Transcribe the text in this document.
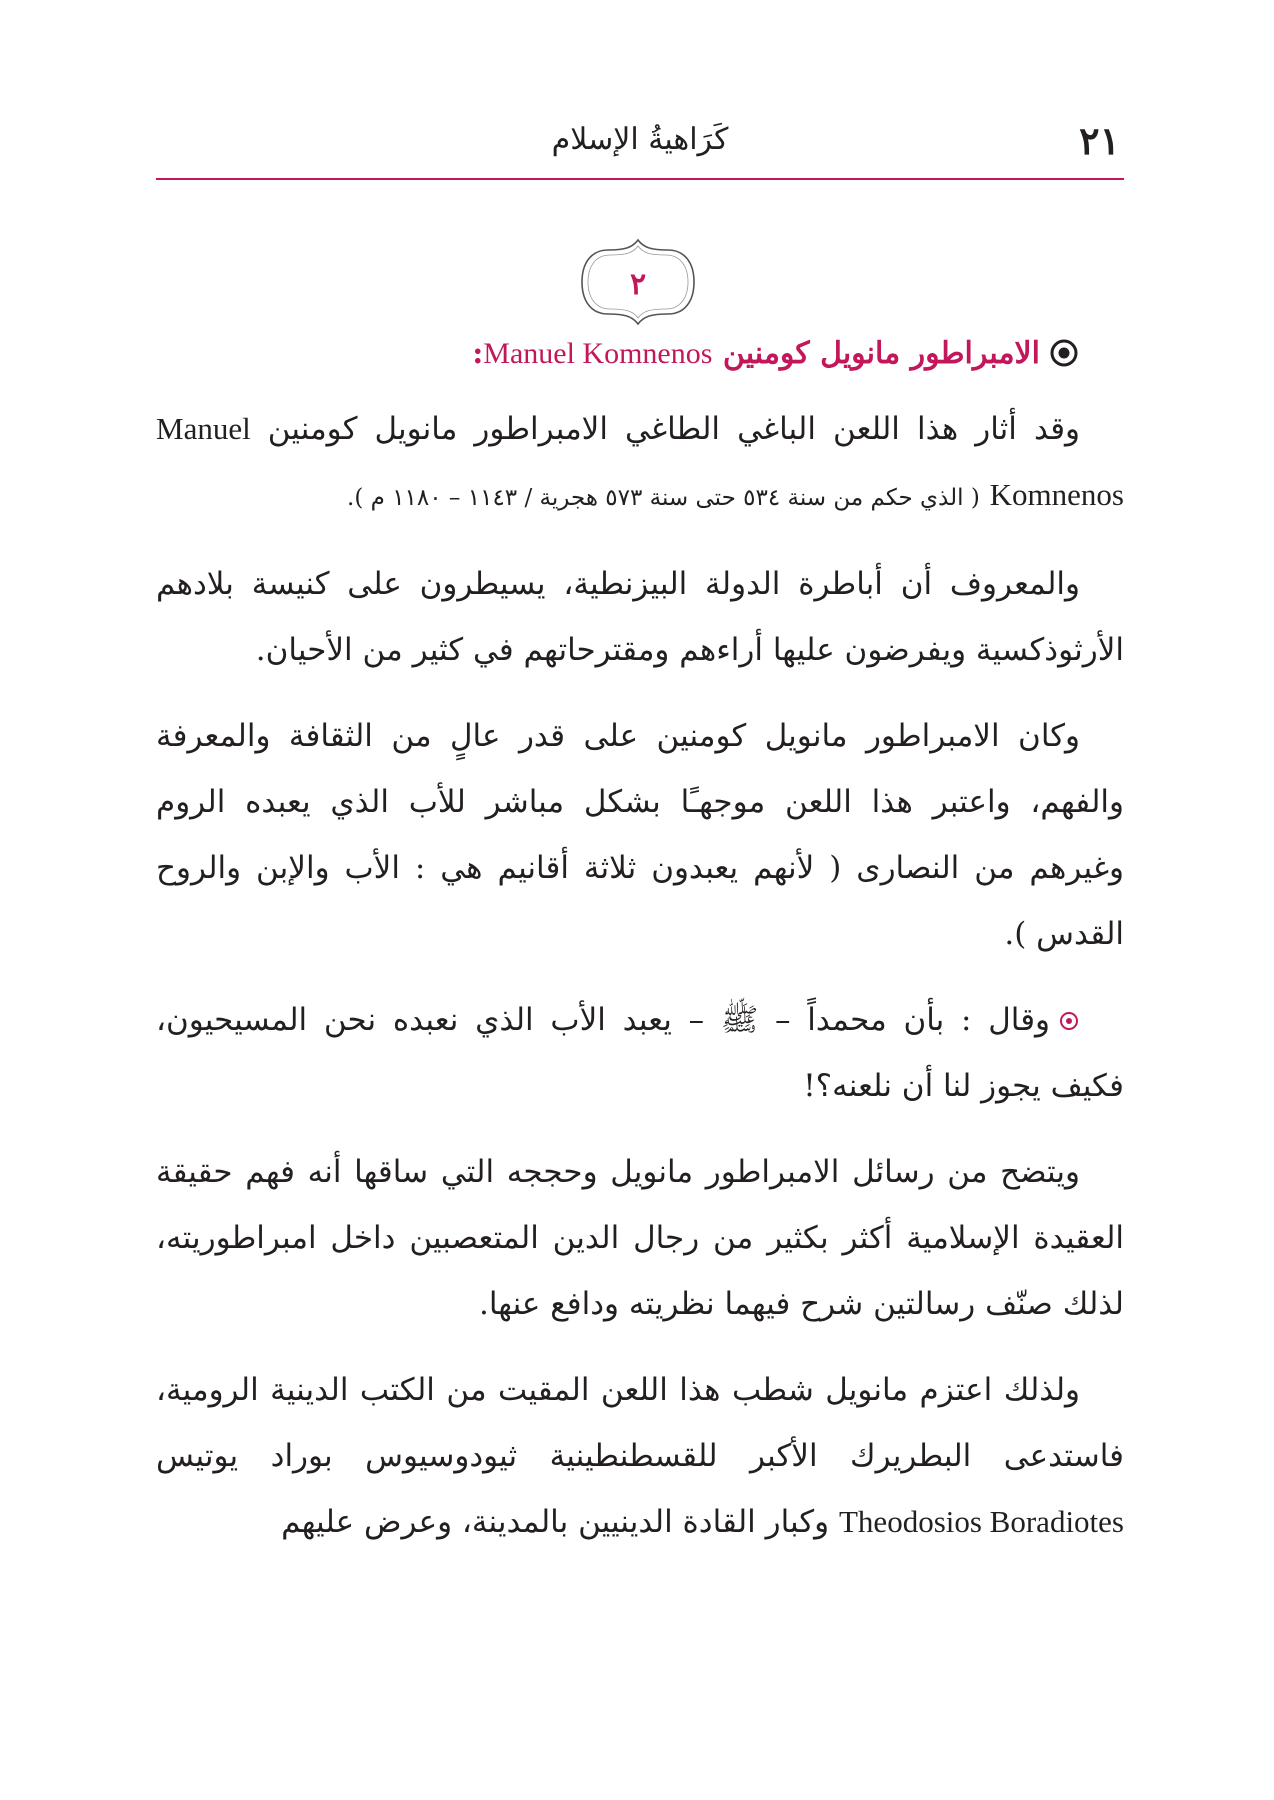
كَرَاهيةُ الإسلام	٢١
٢

الامبراطور مانويل كومنين Manuel Komnenos:

وقد أثار هذا اللعن الباغي الطاغي الامبراطور مانويل كومنين Manuel Komnenos ( الذي حكم من سنة ٥٣٤ حتى سنة ٥٧٣ هجرية / ١١٤٣ – ١١٨٠ م ).

والمعروف أن أباطرة الدولة البيزنطية، يسيطرون على كنيسة بلادهم الأرثوذكسية ويفرضون عليها أراءهم ومقترحاتهم في كثير من الأحيان.

وكان الامبراطور مانويل كومنين على قدر عالٍ من الثقافة والمعرفة والفهم، واعتبر هذا اللعن موجهـًا بشكل مباشر للأب الذي يعبده الروم وغيرهم من النصارى ( لأنهم يعبدون ثلاثة أقانيم هي : الأب والإبن والروح القدس ).

وقال : بأن محمداً – ﷺ – يعبد الأب الذي نعبده نحن المسيحيون، فكيف يجوز لنا أن نلعنه؟!

ويتضح من رسائل الامبراطور مانويل وحججه التي ساقها أنه فهم حقيقة العقيدة الإسلامية أكثر بكثير من رجال الدين المتعصبين داخل امبراطوريته، لذلك صنّف رسالتين شرح فيهما نظريته ودافع عنها.

ولذلك اعتزم مانويل شطب هذا اللعن المقيت من الكتب الدينية الرومية، فاستدعى البطريرك الأكبر للقسطنطينية ثيودوسيوس بوراد يوتيس Theodosios Boradiotes وكبار القادة الدينيين بالمدينة، وعرض عليهم
